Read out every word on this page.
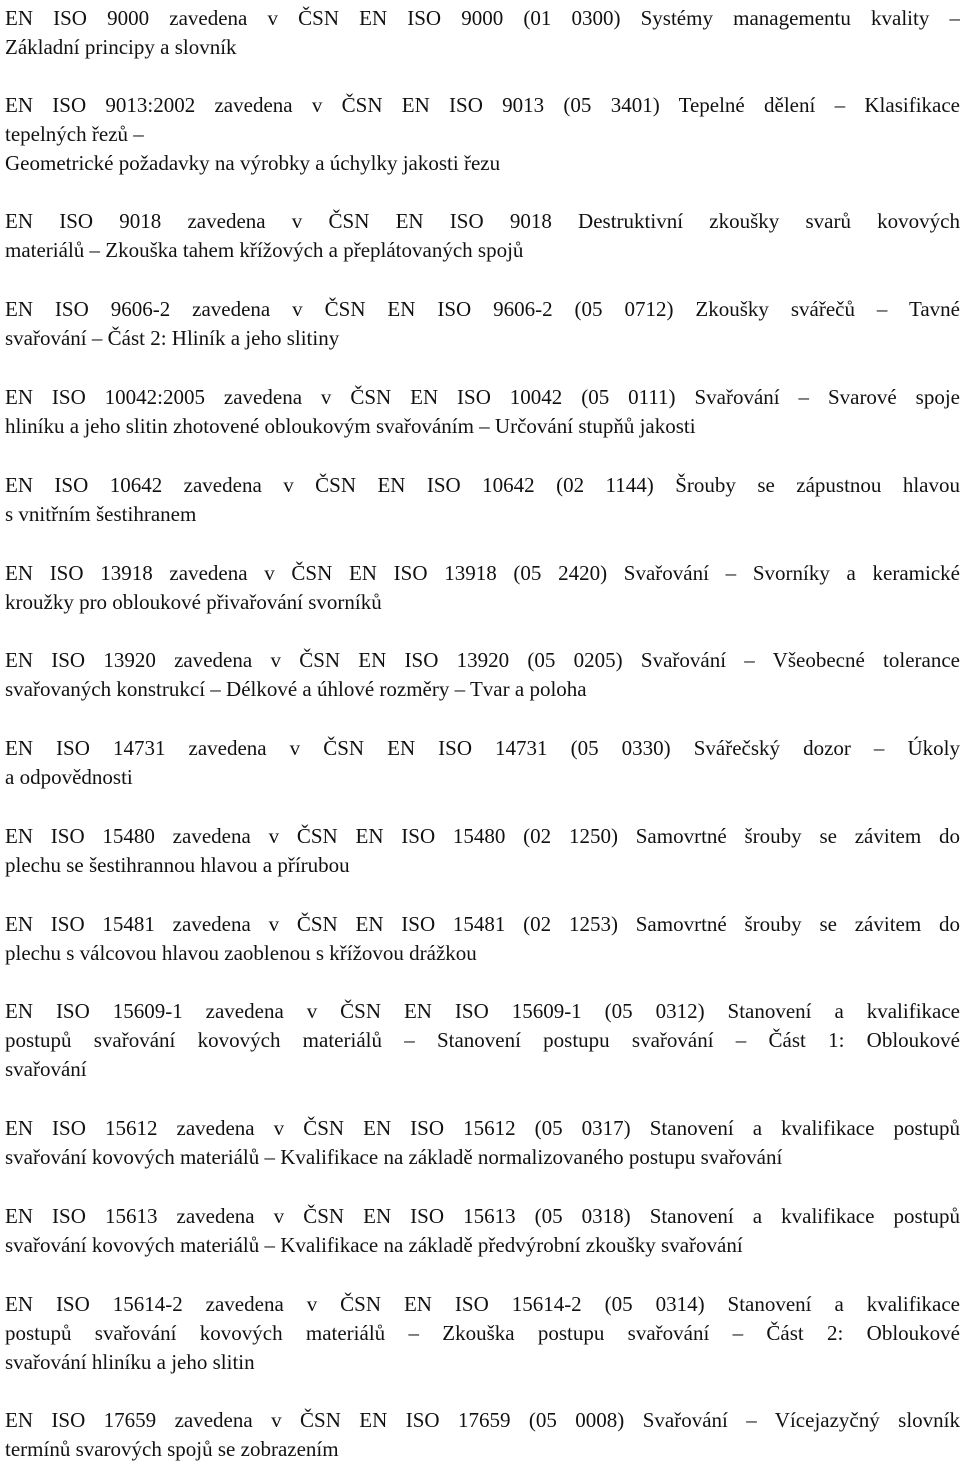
EN ISO 9000 zavedena v ČSN EN ISO 9000 (01 0300) Systémy managementu kvality –
Základní principy a slovník
EN ISO 9013:2002 zavedena v ČSN EN ISO 9013 (05 3401) Tepelné dělení – Klasifikace
tepelných řezů –
Geometrické požadavky na výrobky a úchylky jakosti řezu
EN ISO 9018 zavedena v ČSN EN ISO 9018 Destruktivní zkoušky svarů kovových
materiálů – Zkouška tahem křížových a přeplátovaných spojů
EN ISO 9606-2 zavedena v ČSN EN ISO 9606-2 (05 0712) Zkoušky svářečů – Tavné
svařování – Část 2: Hliník a jeho slitiny
EN ISO 10042:2005 zavedena v ČSN EN ISO 10042 (05 0111) Svařování – Svarové spoje
hliníku a jeho slitin zhotovené obloukovým svařováním – Určování stupňů jakosti
EN ISO 10642 zavedena v ČSN EN ISO 10642 (02 1144) Šrouby se zápustnou hlavou
s vnitřním šestihranem
EN ISO 13918 zavedena v ČSN EN ISO 13918 (05 2420) Svařování – Svorníky a keramické
kroužky pro obloukové přivařování svorníků
EN ISO 13920 zavedena v ČSN EN ISO 13920 (05 0205) Svařování – Všeobecné tolerance
svařovaných konstrukcí – Délkové a úhlové rozměry – Tvar a poloha
EN ISO 14731 zavedena v ČSN EN ISO 14731 (05 0330) Svářečský dozor – Úkoly
a odpovědnosti
EN ISO 15480 zavedena v ČSN EN ISO 15480 (02 1250) Samovrtné šrouby se závitem do
plechu se šestihrannou hlavou a přírubou
EN ISO 15481 zavedena v ČSN EN ISO 15481 (02 1253) Samovrtné šrouby se závitem do
plechu s válcovou hlavou zaoblenou s křížovou drážkou
EN ISO 15609-1 zavedena v ČSN EN ISO 15609-1 (05 0312) Stanovení a kvalifikace
postupů svařování kovových materiálů – Stanovení postupu svařování – Část 1: Obloukové
svařování
EN ISO 15612 zavedena v ČSN EN ISO 15612 (05 0317) Stanovení a kvalifikace postupů
svařování kovových materiálů – Kvalifikace na základě normalizovaného postupu svařování
EN ISO 15613 zavedena v ČSN EN ISO 15613 (05 0318) Stanovení a kvalifikace postupů
svařování kovových materiálů – Kvalifikace na základě předvýrobní zkoušky svařování
EN ISO 15614-2 zavedena v ČSN EN ISO 15614-2 (05 0314) Stanovení a kvalifikace
postupů svařování kovových materiálů – Zkouška postupu svařování – Část 2: Obloukové
svařování hliníku a jeho slitin
EN ISO 17659 zavedena v ČSN EN ISO 17659 (05 0008) Svařování – Vícejazyčný slovník
termínů svarových spojů se zobrazením
